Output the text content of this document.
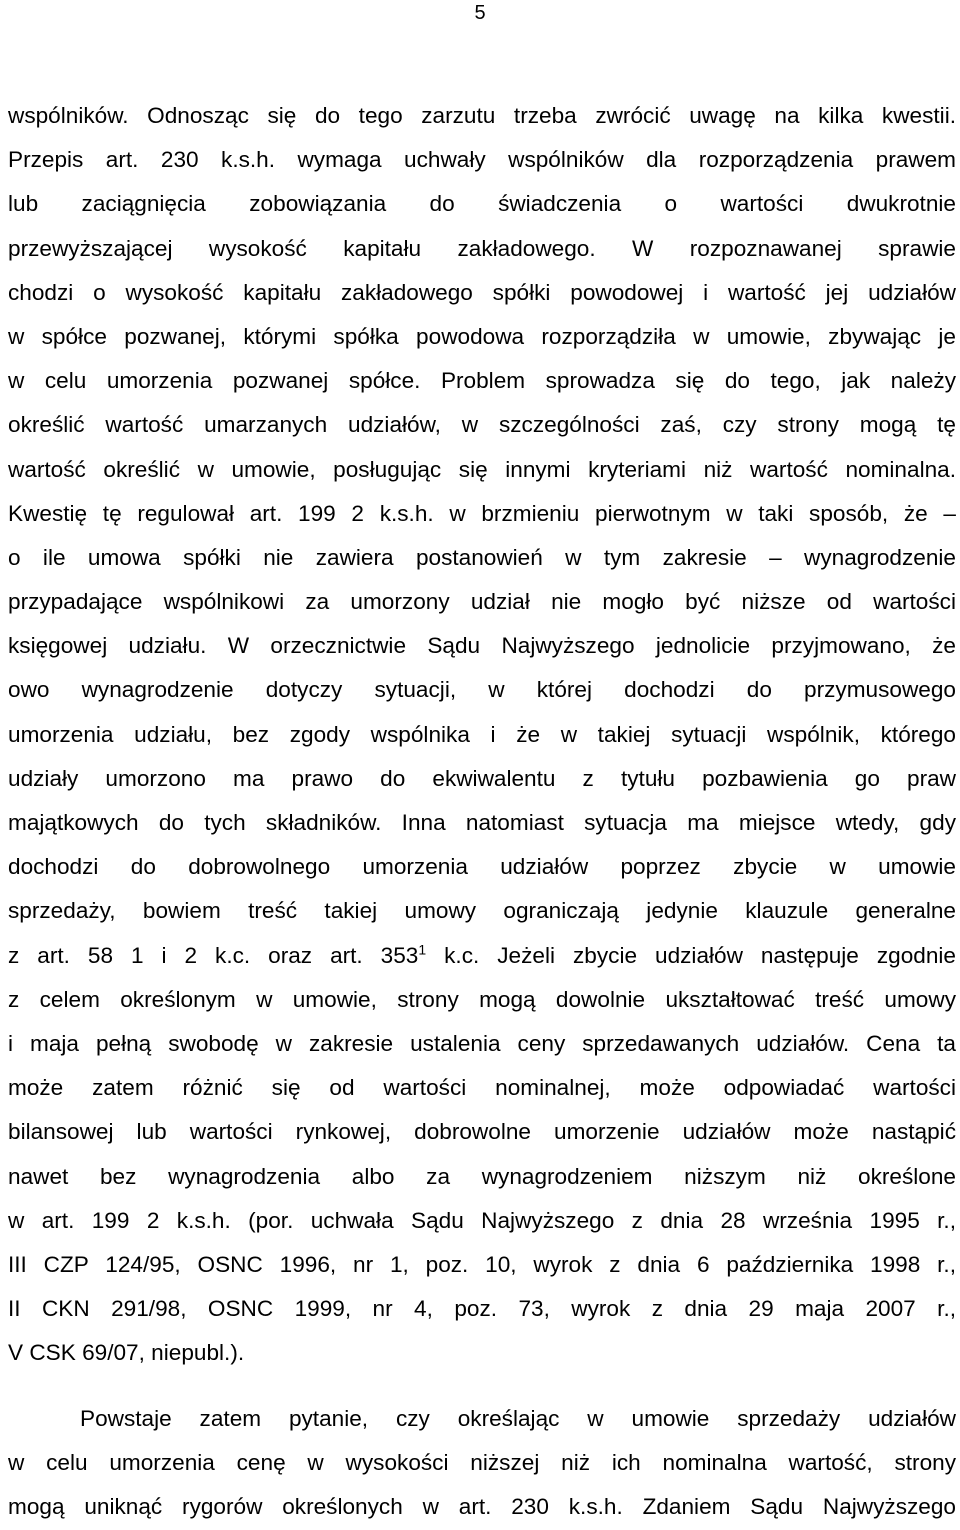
5
wspólników. Odnosząc się do tego zarzutu trzeba zwrócić uwagę na kilka kwestii.
Przepis art. 230 k.s.h. wymaga uchwały wspólników dla rozporządzenia prawem
lub zaciągnięcia zobowiązania do świadczenia o wartości dwukrotnie
przewyższającej wysokość kapitału zakładowego. W rozpoznawanej sprawie
chodzi o wysokość kapitału zakładowego spółki powodowej i wartość jej udziałów
w spółce pozwanej, którymi spółka powodowa rozporządziła w umowie, zbywając je
w celu umorzenia pozwanej spółce. Problem sprowadza się do tego, jak należy
określić wartość umarzanych udziałów, w szczególności zaś, czy strony mogą tę
wartość określić w umowie, posługując się innymi kryteriami niż wartość nominalna.
Kwestię tę regulował art. 199 2 k.s.h. w brzmieniu pierwotnym w taki sposób, że –
o ile umowa spółki nie zawiera postanowień w tym zakresie – wynagrodzenie
przypadające wspólnikowi za umorzony udział nie mogło być niższe od wartości
księgowej udziału. W orzecznictwie Sądu Najwyższego jednolicie przyjmowano, że
owo wynagrodzenie dotyczy sytuacji, w której dochodzi do przymusowego
umorzenia udziału, bez zgody wspólnika i że w takiej sytuacji wspólnik, którego
udziały umorzono ma prawo do ekwiwalentu z tytułu pozbawienia go praw
majątkowych do tych składników. Inna natomiast sytuacja ma miejsce wtedy, gdy
dochodzi do dobrowolnego umorzenia udziałów poprzez zbycie w umowie
sprzedaży, bowiem treść takiej umowy ograniczają jedynie klauzule generalne
z art. 58 1 i 2 k.c. oraz art. $353^1$ k.c. Jeżeli zbycie udziałów następuje zgodnie
z celem określonym w umowie, strony mogą dowolnie ukształtować treść umowy
i maja pełną swobodę w zakresie ustalenia ceny sprzedawanych udziałów. Cena ta
może zatem różnić się od wartości nominalnej, może odpowiadać wartości
bilansowej lub wartości rynkowej, dobrowolne umorzenie udziałów może nastąpić
nawet bez wynagrodzenia albo za wynagrodzeniem niższym niż określone
w art. 199 2 k.s.h. (por. uchwała Sądu Najwyższego z dnia 28 września 1995 r.,
III CZP 124/95, OSNC 1996, nr 1, poz. 10, wyrok z dnia 6 października 1998 r.,
II CKN 291/98, OSNC 1999, nr 4, poz. 73, wyrok z dnia 29 maja 2007 r.,
V CSK 69/07, niepubl.).
Powstaje zatem pytanie, czy określając w umowie sprzedaży udziałów
w celu umorzenia cenę w wysokości niższej niż ich nominalna wartość, strony
mogą uniknąć rygorów określonych w art. 230 k.s.h. Zdaniem Sądu Najwyższego
